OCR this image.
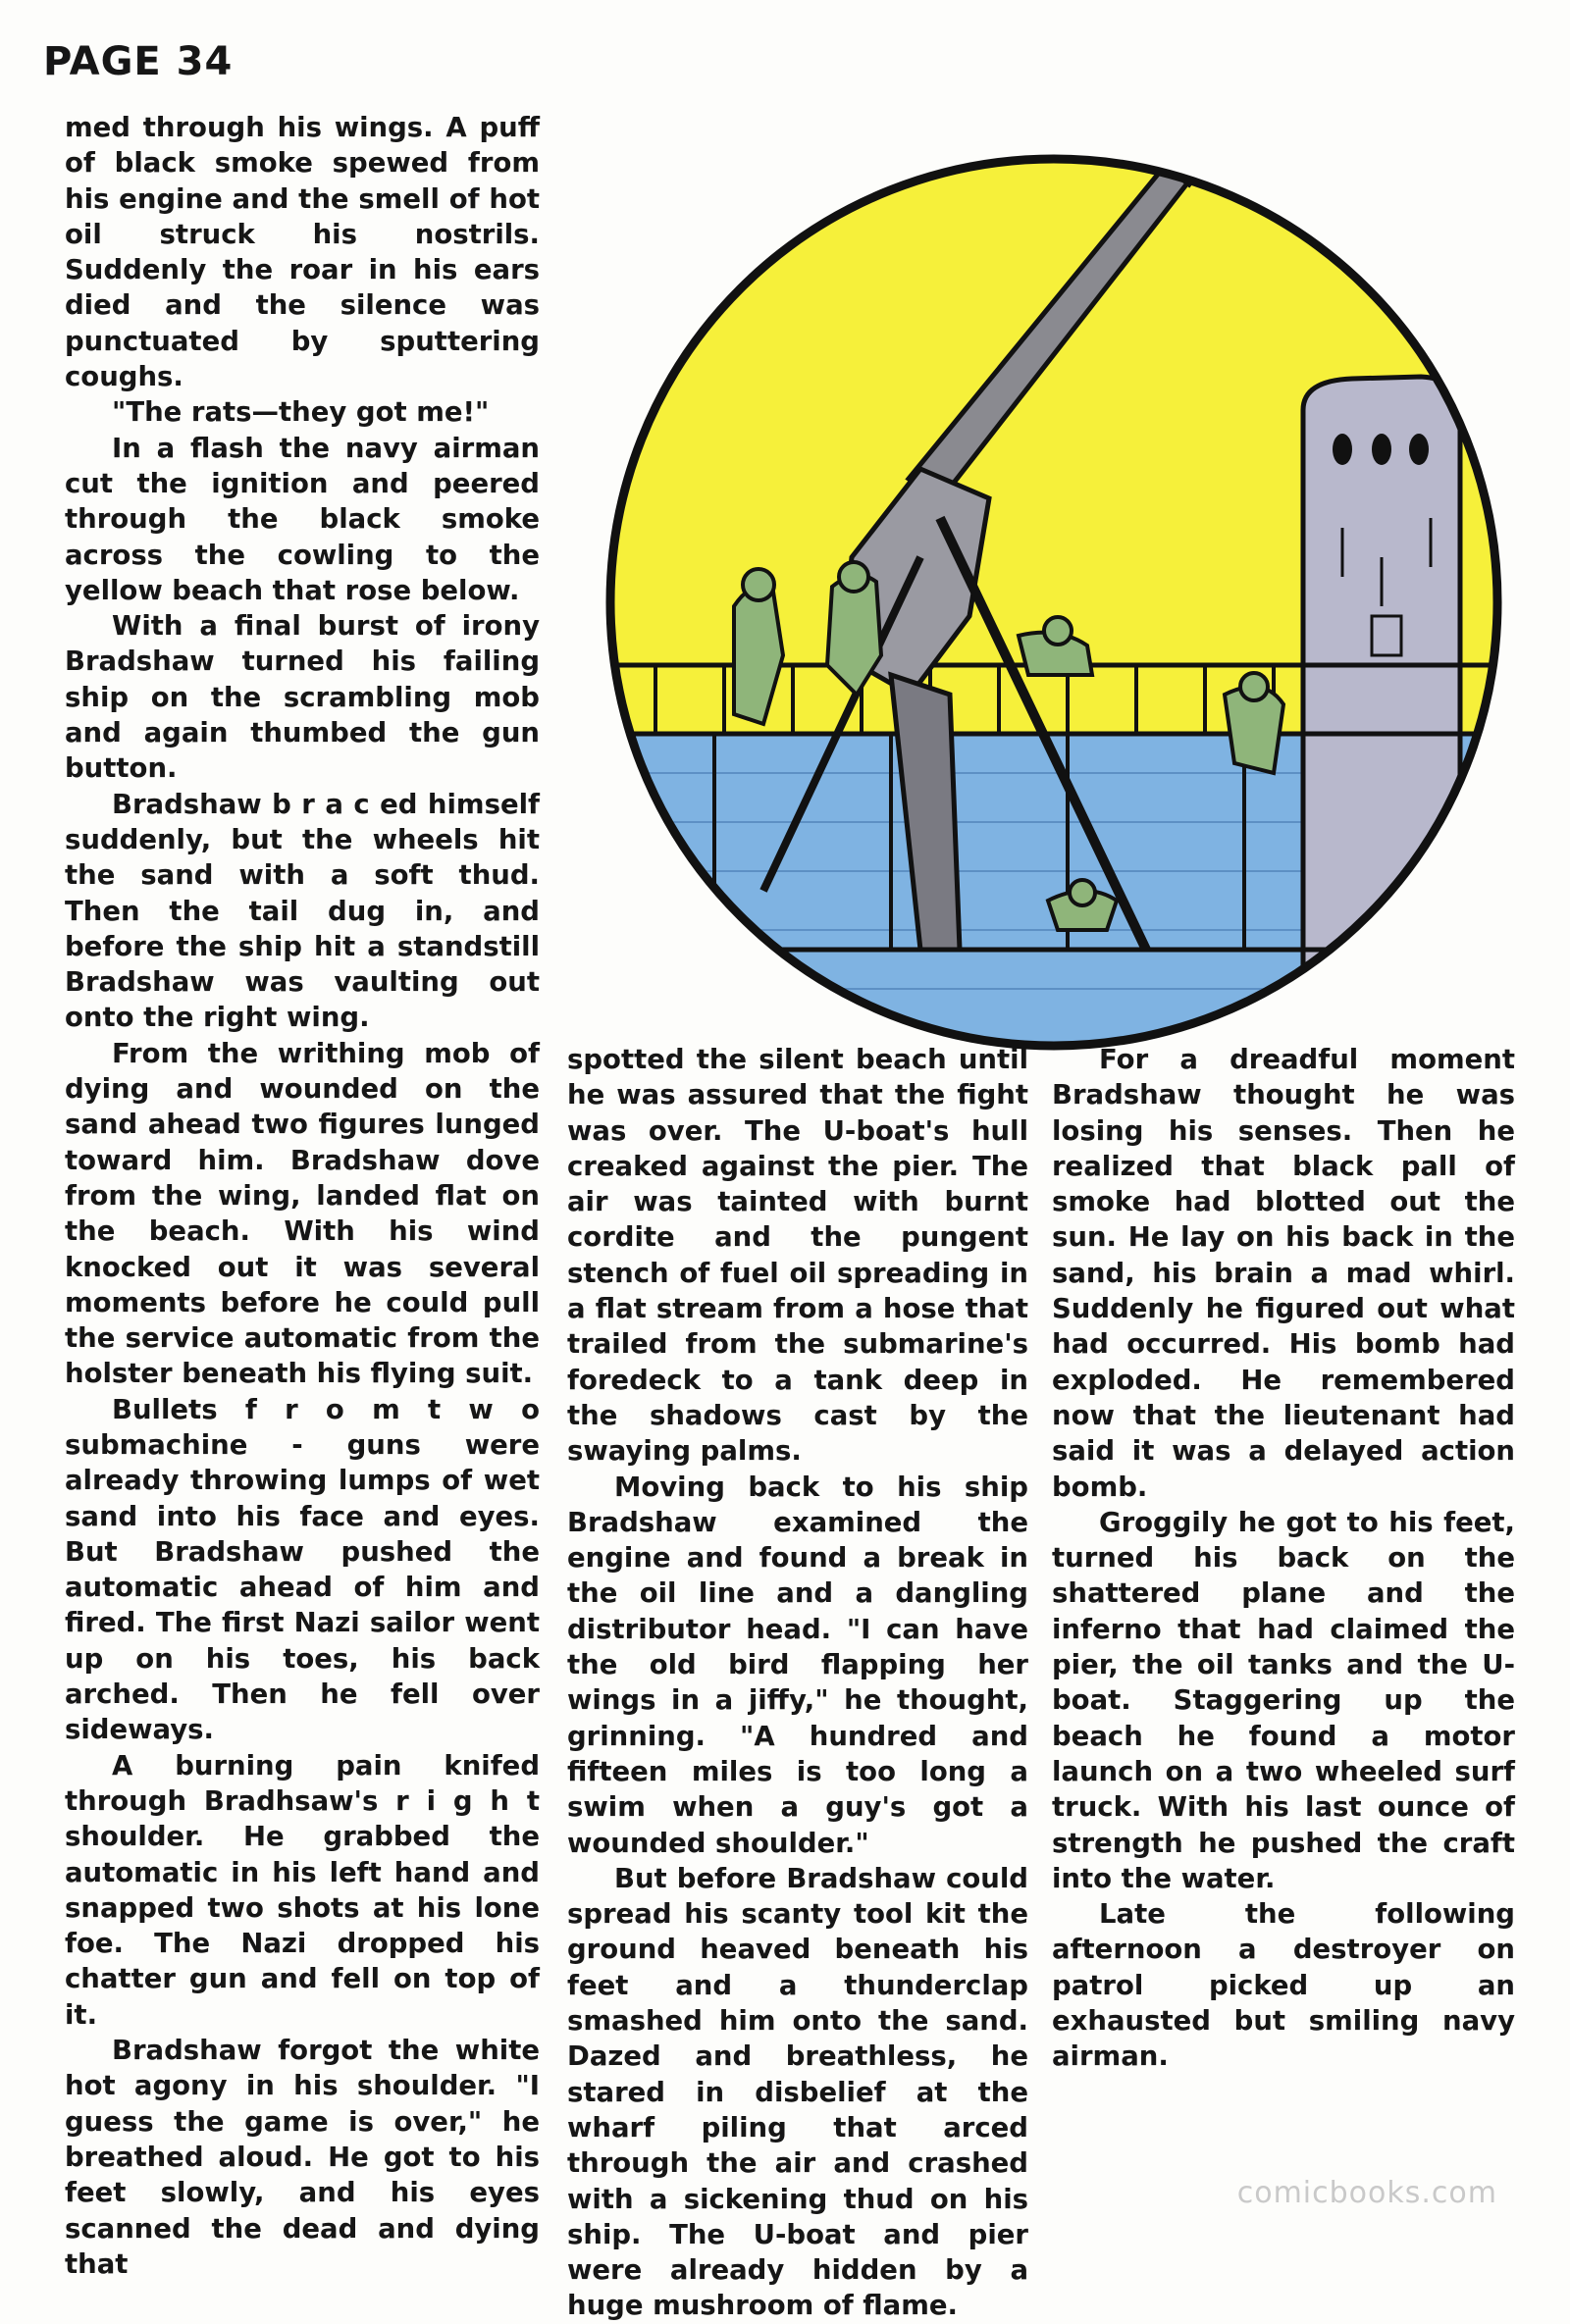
PAGE 34

med through his wings. A puff of black smoke spewed from his engine and the smell of hot oil struck his nostrils. Suddenly the roar in his ears died and the silence was punctuated by sputtering coughs.

"The rats—they got me!"

In a flash the navy airman cut the ignition and peered through the black smoke across the cowling to the yellow beach that rose below.

With a final burst of irony Bradshaw turned his failing ship on the scrambling mob and again thumbed the gun button.

Bradshaw b r a c ed himself suddenly, but the wheels hit the sand with a soft thud. Then the tail dug in, and before the ship hit a standstill Bradshaw was vaulting out onto the right wing.

From the writhing mob of dying and wounded on the sand ahead two figures lunged toward him. Bradshaw dove from the wing, landed flat on the beach. With his wind knocked out it was several moments before he could pull the service automatic from the holster beneath his flying suit.

Bullets f r o m t w o submachine - guns were already throwing lumps of wet sand into his face and eyes. But Bradshaw pushed the automatic ahead of him and fired. The first Nazi sailor went up on his toes, his back arched. Then he fell over sideways.

A burning pain knifed through Bradhsaw's r i g h t shoulder. He grabbed the automatic in his left hand and snapped two shots at his lone foe. The Nazi dropped his chatter gun and fell on top of it.

Bradshaw forgot the white hot agony in his shoulder. "I guess the game is over," he breathed aloud. He got to his feet slowly, and his eyes scanned the dead and dying that

spotted the silent beach until he was assured that the fight was over. The U-boat's hull creaked against the pier. The air was tainted with burnt cordite and the pungent stench of fuel oil spreading in a flat stream from a hose that trailed from the submarine's foredeck to a tank deep in the shadows cast by the swaying palms.

Moving back to his ship Bradshaw examined the engine and found a break in the oil line and a dangling distributor head. "I can have the old bird flapping her wings in a jiffy," he thought, grinning. "A hundred and fifteen miles is too long a swim when a guy's got a wounded shoulder."

But before Bradshaw could spread his scanty tool kit the ground heaved beneath his feet and a thunderclap smashed him onto the sand. Dazed and breathless, he stared in disbelief at the wharf piling that arced through the air and crashed with a sickening thud on his ship. The U-boat and pier were already hidden by a huge mushroom of flame.

For a dreadful moment Bradshaw thought he was losing his senses. Then he realized that black pall of smoke had blotted out the sun. He lay on his back in the sand, his brain a mad whirl. Suddenly he figured out what had occurred. His bomb had exploded. He remembered now that the lieutenant had said it was a delayed action bomb.

Groggily he got to his feet, turned his back on the shattered plane and the inferno that had claimed the pier, the oil tanks and the U-boat. Staggering up the beach he found a motor launch on a two wheeled surf truck. With his last ounce of strength he pushed the craft into the water.

Late the following afternoon a destroyer on patrol picked up an exhausted but smiling navy airman.

comicbooks.com
